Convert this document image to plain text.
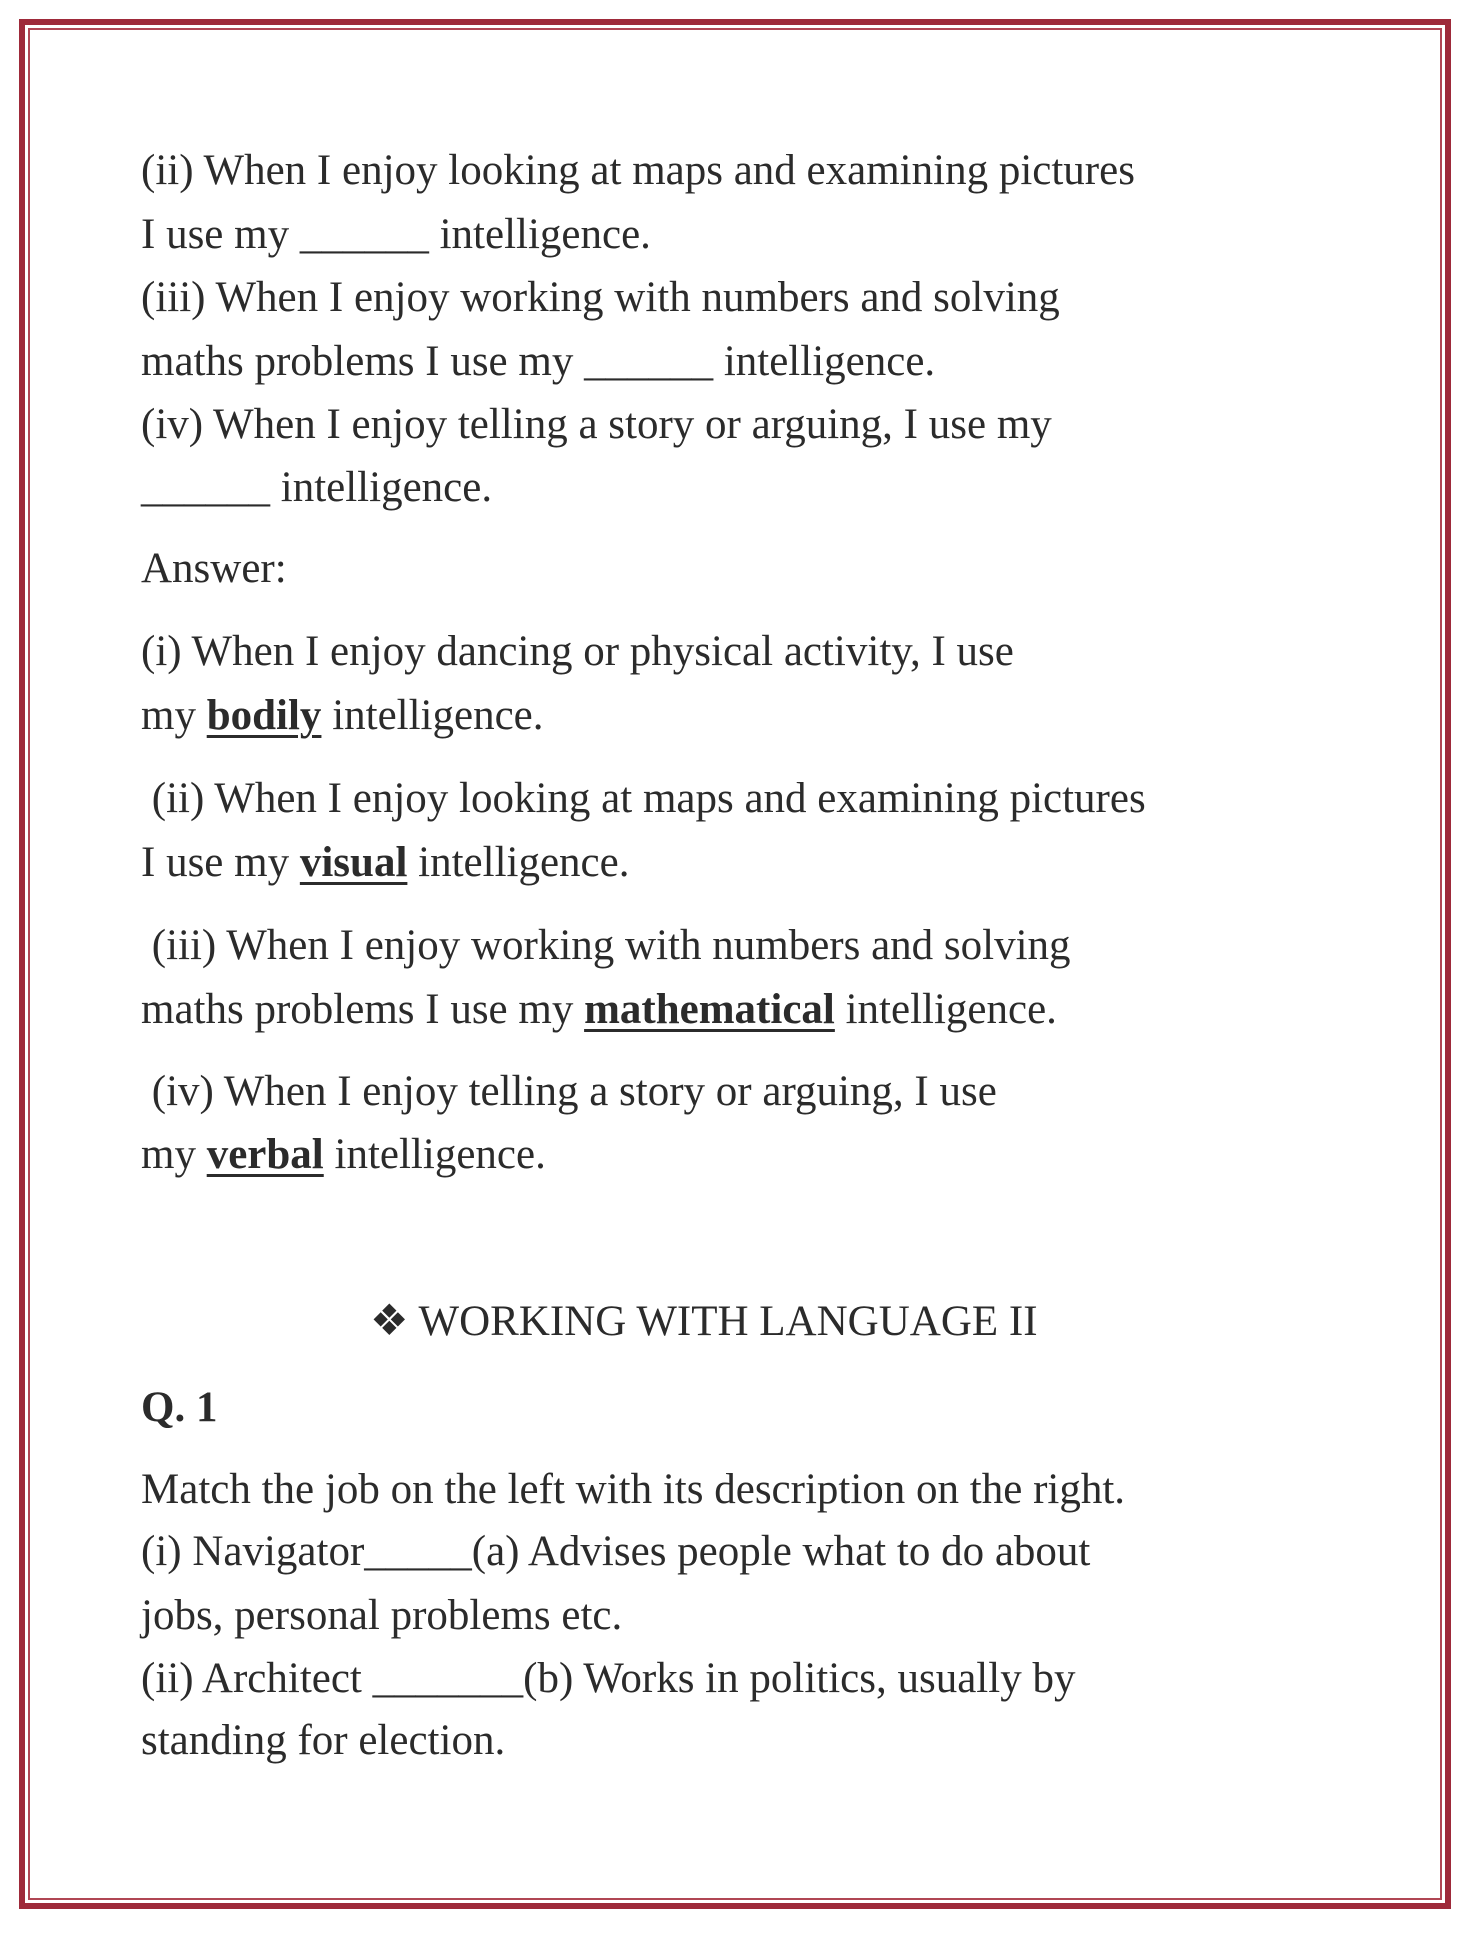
(ii) When I enjoy looking at maps and examining pictures
I use my ______ intelligence.
(iii) When I enjoy working with numbers and solving
maths problems I use my ______ intelligence.
(iv) When I enjoy telling a story or arguing, I use my
______ intelligence.
Answer:
(i) When I enjoy dancing or physical activity, I use
my bodily intelligence.
(ii) When I enjoy looking at maps and examining pictures
I use my visual intelligence.
(iii) When I enjoy working with numbers and solving
maths problems I use my mathematical intelligence.
(iv) When I enjoy telling a story or arguing, I use
my verbal intelligence.
❖ WORKING WITH LANGUAGE II
Q. 1
Match the job on the left with its description on the right.
(i) Navigator_____(a) Advises people what to do about
jobs, personal problems etc.
(ii) Architect _______(b) Works in politics, usually by
standing for election.
